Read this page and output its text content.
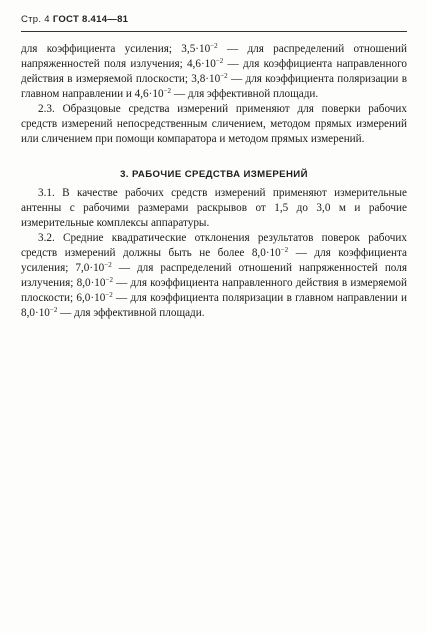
Стр. 4 ГОСТ 8.414—81

для коэффициента усиления; $3,5\cdot 10^{-2}$ — для распределений отношений напряженностей поля излучения; $4,6\cdot 10^{-2}$ — для коэффициента направленного действия в измеряемой плоскости; $3,8\cdot 10^{-2}$ — для коэффициента поляризации в главном направлении и $4,6\cdot 10^{-2}$ — для эффективной площади.

2.3. Образцовые средства измерений применяют для поверки рабочих средств измерений непосредственным сличением, методом прямых измерений или сличением при помощи компаратора и методом прямых измерений.

3. РАБОЧИЕ СРЕДСТВА ИЗМЕРЕНИЙ

3.1. В качестве рабочих средств измерений применяют измерительные антенны с рабочими размерами раскрывов от 1,5 до 3,0 м и рабочие измерительные комплексы аппаратуры.

3.2. Средние квадратические отклонения результатов поверок рабочих средств измерений должны быть не более $8,0\cdot 10^{-2}$ — для коэффициента усиления; $7,0\cdot 10^{-2}$ — для распределений отношений напряженностей поля излучения; $8,0\cdot 10^{-2}$ — для коэффициента направленного действия в измеряемой плоскости; $6,0\cdot 10^{-2}$ — для коэффициента поляризации в главном направлении и $8,0\cdot 10^{-2}$ — для эффективной площади.
